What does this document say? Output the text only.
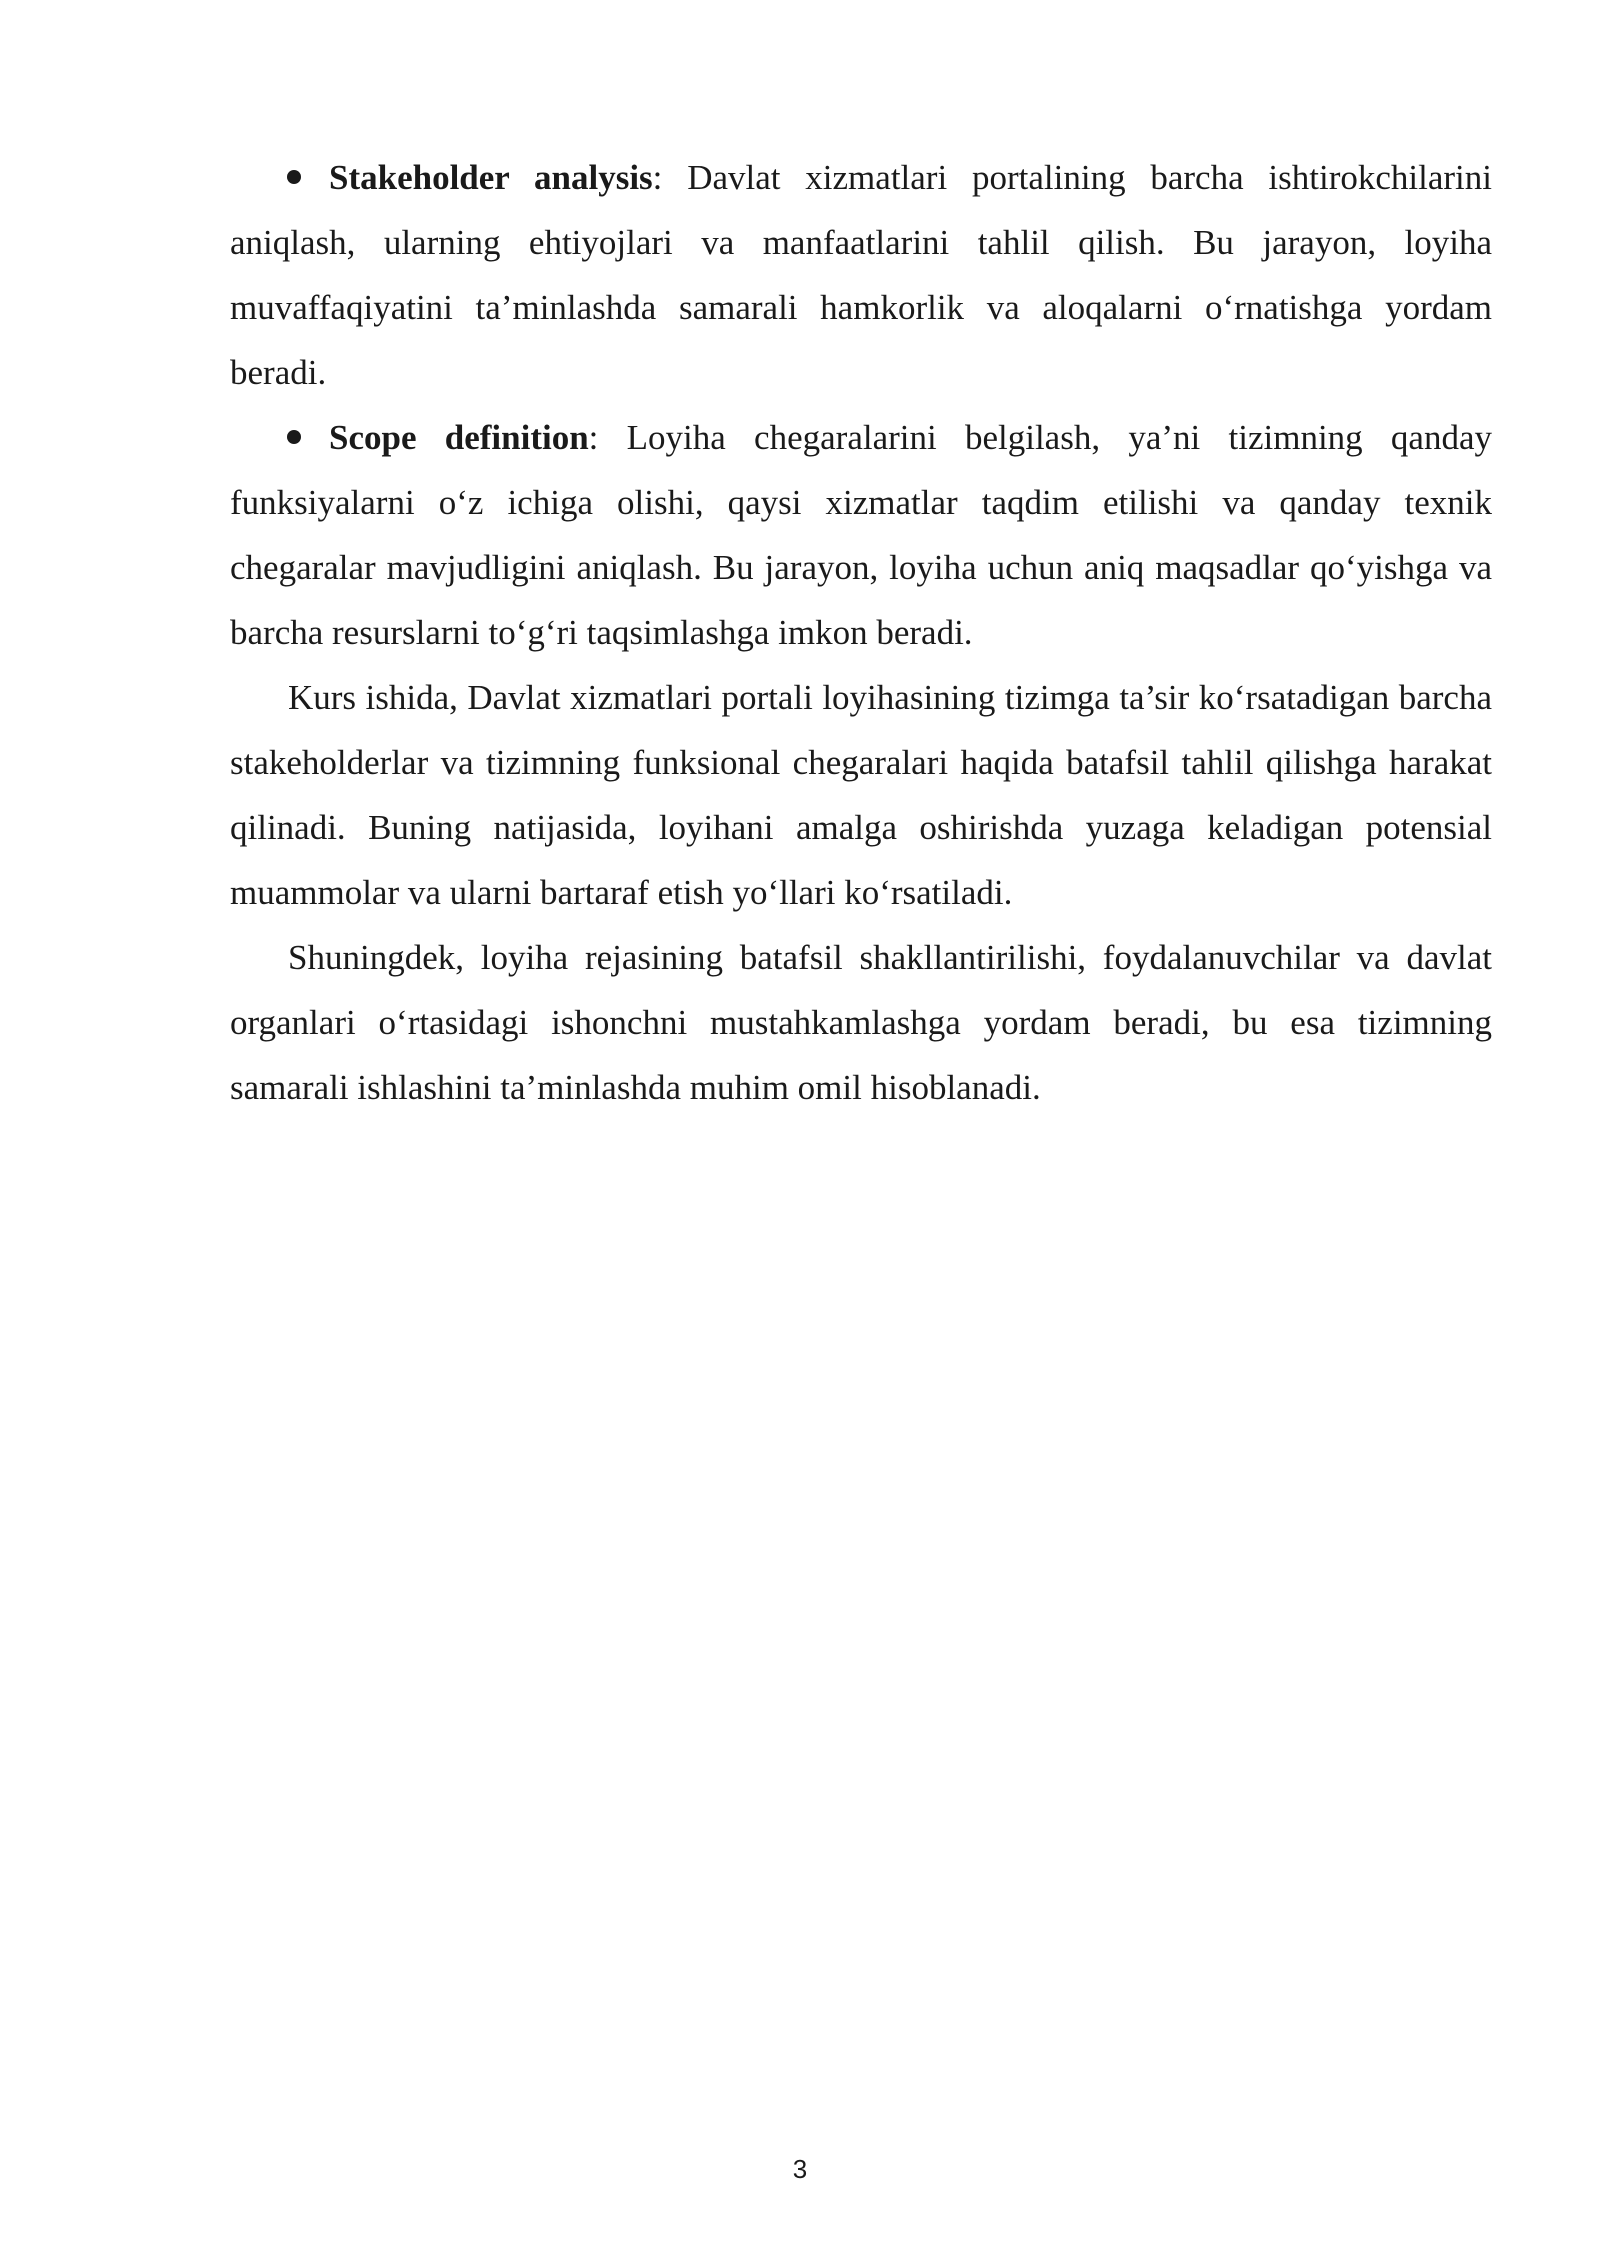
Stakeholder analysis: Davlat xizmatlari portalining barcha ishtirokchilarini aniqlash, ularning ehtiyojlari va manfaatlarini tahlil qilish. Bu jarayon, loyiha muvaffaqiyatini ta’minlashda samarali hamkorlik va aloqalarni o‘rnatishga yordam beradi.

Scope definition: Loyiha chegaralarini belgilash, ya’ni tizimning qanday funksiyalarni o‘z ichiga olishi, qaysi xizmatlar taqdim etilishi va qanday texnik chegaralar mavjudligini aniqlash. Bu jarayon, loyiha uchun aniq maqsadlar qo‘yishga va barcha resurslarni to‘g‘ri taqsimlashga imkon beradi.

Kurs ishida, Davlat xizmatlari portali loyihasining tizimga ta’sir ko‘rsatadigan barcha stakeholderlar va tizimning funksional chegaralari haqida batafsil tahlil qilishga harakat qilinadi. Buning natijasida, loyihani amalga oshirishda yuzaga keladigan potensial muammolar va ularni bartaraf etish yo‘llari ko‘rsatiladi.

Shuningdek, loyiha rejasining batafsil shakllantirilishi, foydalanuvchilar va davlat organlari o‘rtasidagi ishonchni mustahkamlashga yordam beradi, bu esa tizimning samarali ishlashini ta’minlashda muhim omil hisoblanadi.

3
